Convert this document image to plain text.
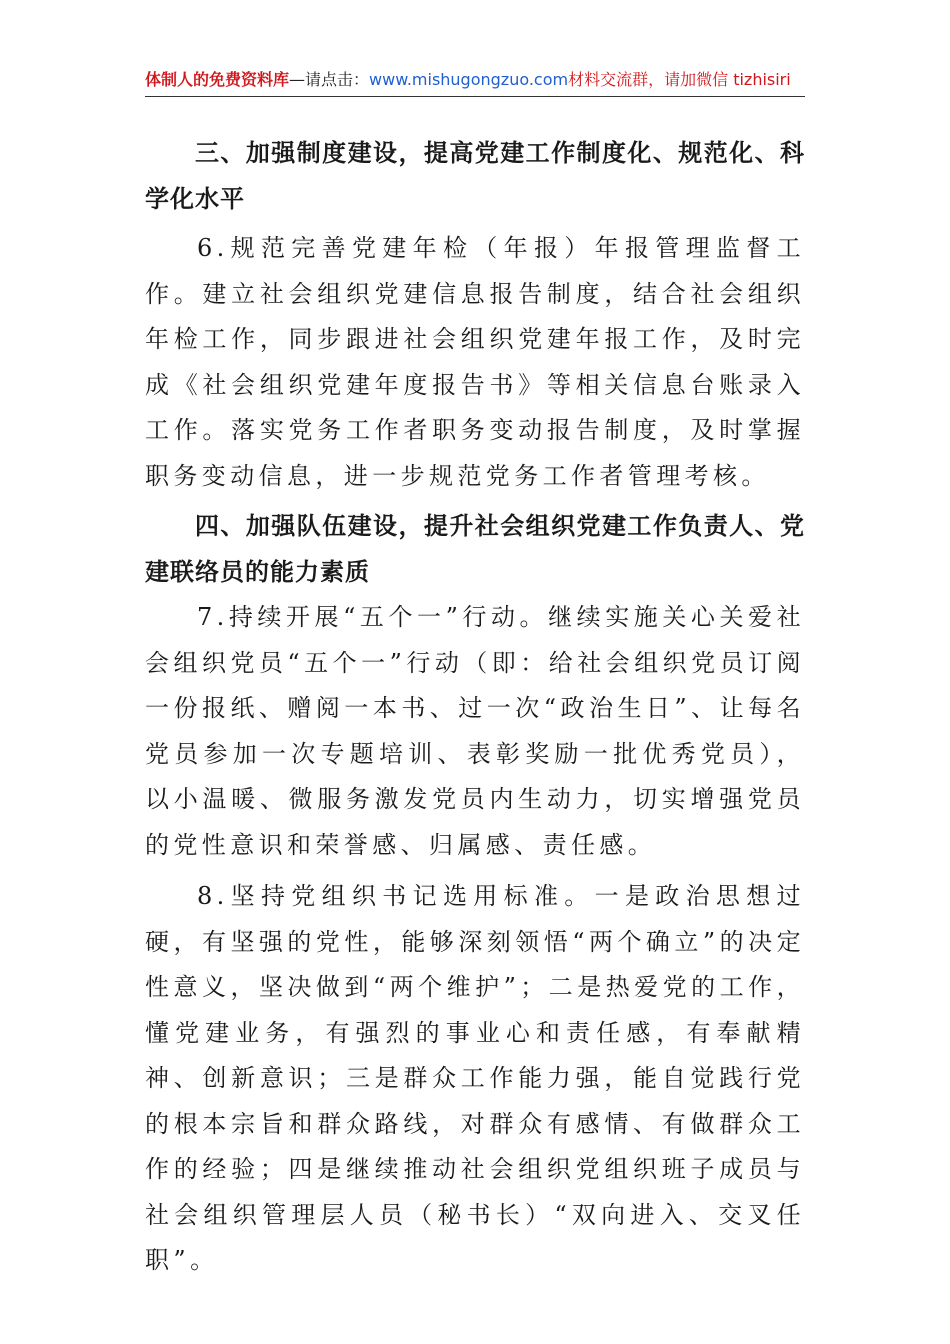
体制人的免费资料库—请点击：www.mishugongzuo.com材料交流群，请加微信 tizhisiri

三、加强制度建设，提高党建工作制度化、规范化、科学化水平

6.规范完善党建年检（年报）年报管理监督工作。建立社会组织党建信息报告制度，结合社会组织年检工作，同步跟进社会组织党建年报工作，及时完成《社会组织党建年度报告书》等相关信息台账录入工作。落实党务工作者职务变动报告制度，及时掌握职务变动信息，进一步规范党务工作者管理考核。

四、加强队伍建设，提升社会组织党建工作负责人、党建联络员的能力素质

7.持续开展“五个一”行动。继续实施关心关爱社会组织党员“五个一”行动（即：给社会组织党员订阅一份报纸、赠阅一本书、过一次“政治生日”、让每名党员参加一次专题培训、表彰奖励一批优秀党员），以小温暖、微服务激发党员内生动力，切实增强党员的党性意识和荣誉感、归属感、责任感。

8.坚持党组织书记选用标准。一是政治思想过硬，有坚强的党性，能够深刻领悟“两个确立”的决定性意义，坚决做到“两个维护”；二是热爱党的工作，懂党建业务，有强烈的事业心和责任感，有奉献精神、创新意识；三是群众工作能力强，能自觉践行党的根本宗旨和群众路线，对群众有感情、有做群众工作的经验；四是继续推动社会组织党组织班子成员与社会组织管理层人员（秘书长）“双向进入、交叉任职”。
